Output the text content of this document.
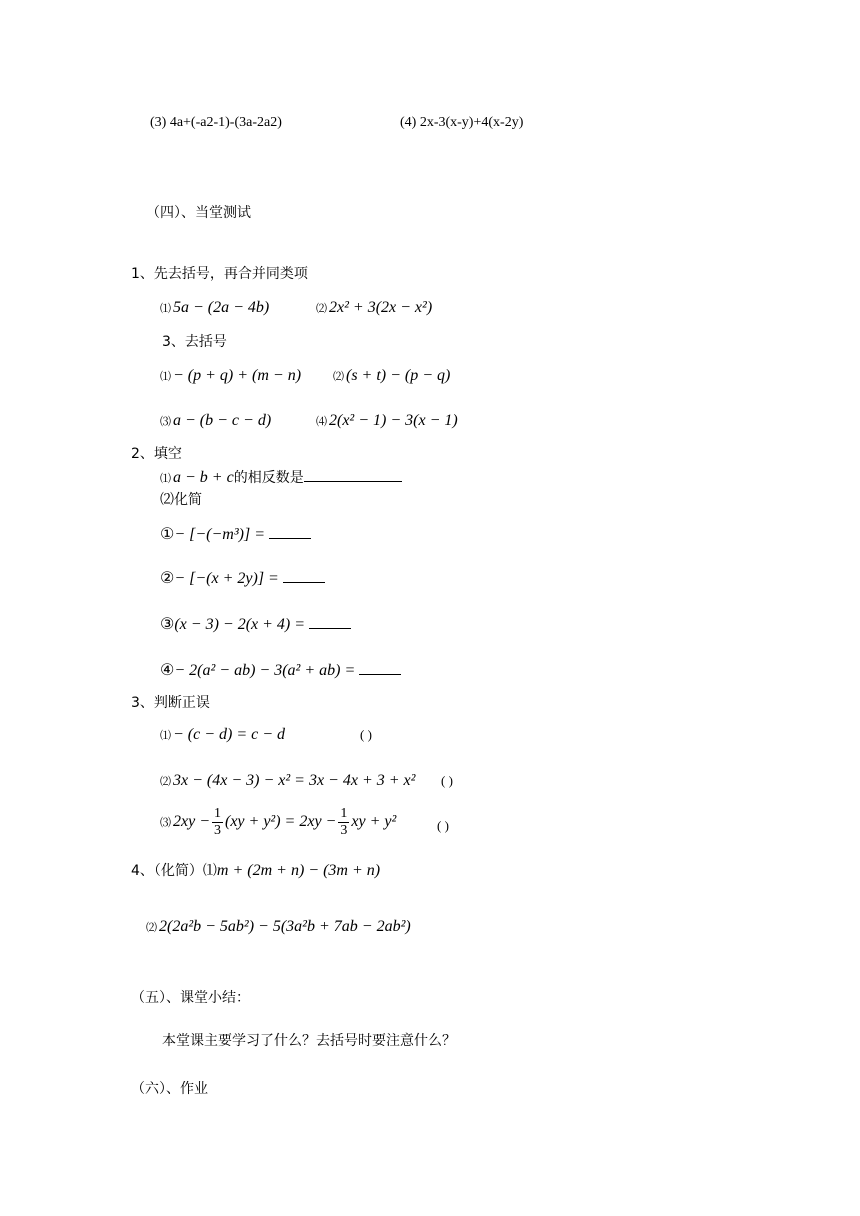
(3) 4a+(-a2-1)-(3a-2a2)	(4) 2x-3(x-y)+4(x-2y)
（四）、当堂测试
1、先去括号，再合并同类项
⑴ 5a − (2a − 4b)	⑵ 2x² + 3(2x − x²)
3、去括号
⑴ − (p + q) + (m − n)	⑵ (s + t) − (p − q)
⑶ a − (b − c − d)	⑷ 2(x² − 1) − 3(x − 1)
2、填空
⑴ a − b + c的相反数是
⑵化简
①− [−(−m³)] =
②− [−(x + 2y)] =
③(x − 3) − 2(x + 4) =
④− 2(a² − ab) − 3(a² + ab) =
3、判断正误
⑴ − (c − d) = c − d	( )
⑵ 3x − (4x − 3) − x² = 3x − 4x + 3 + x² ( )
⑶ $2xy - \frac{1}{3} (xy + y^2) = 2xy - \frac{1}{3}$ xy + y²	( )
4、（化简）⑴m + (2m + n) − (3m + n)
⑵ 2(2a²b − 5ab²) − 5(3a²b + 7ab − 2ab²)
（五）、课堂小结：
本堂课主要学习了什么？去括号时要注意什么？
（六）、作业
